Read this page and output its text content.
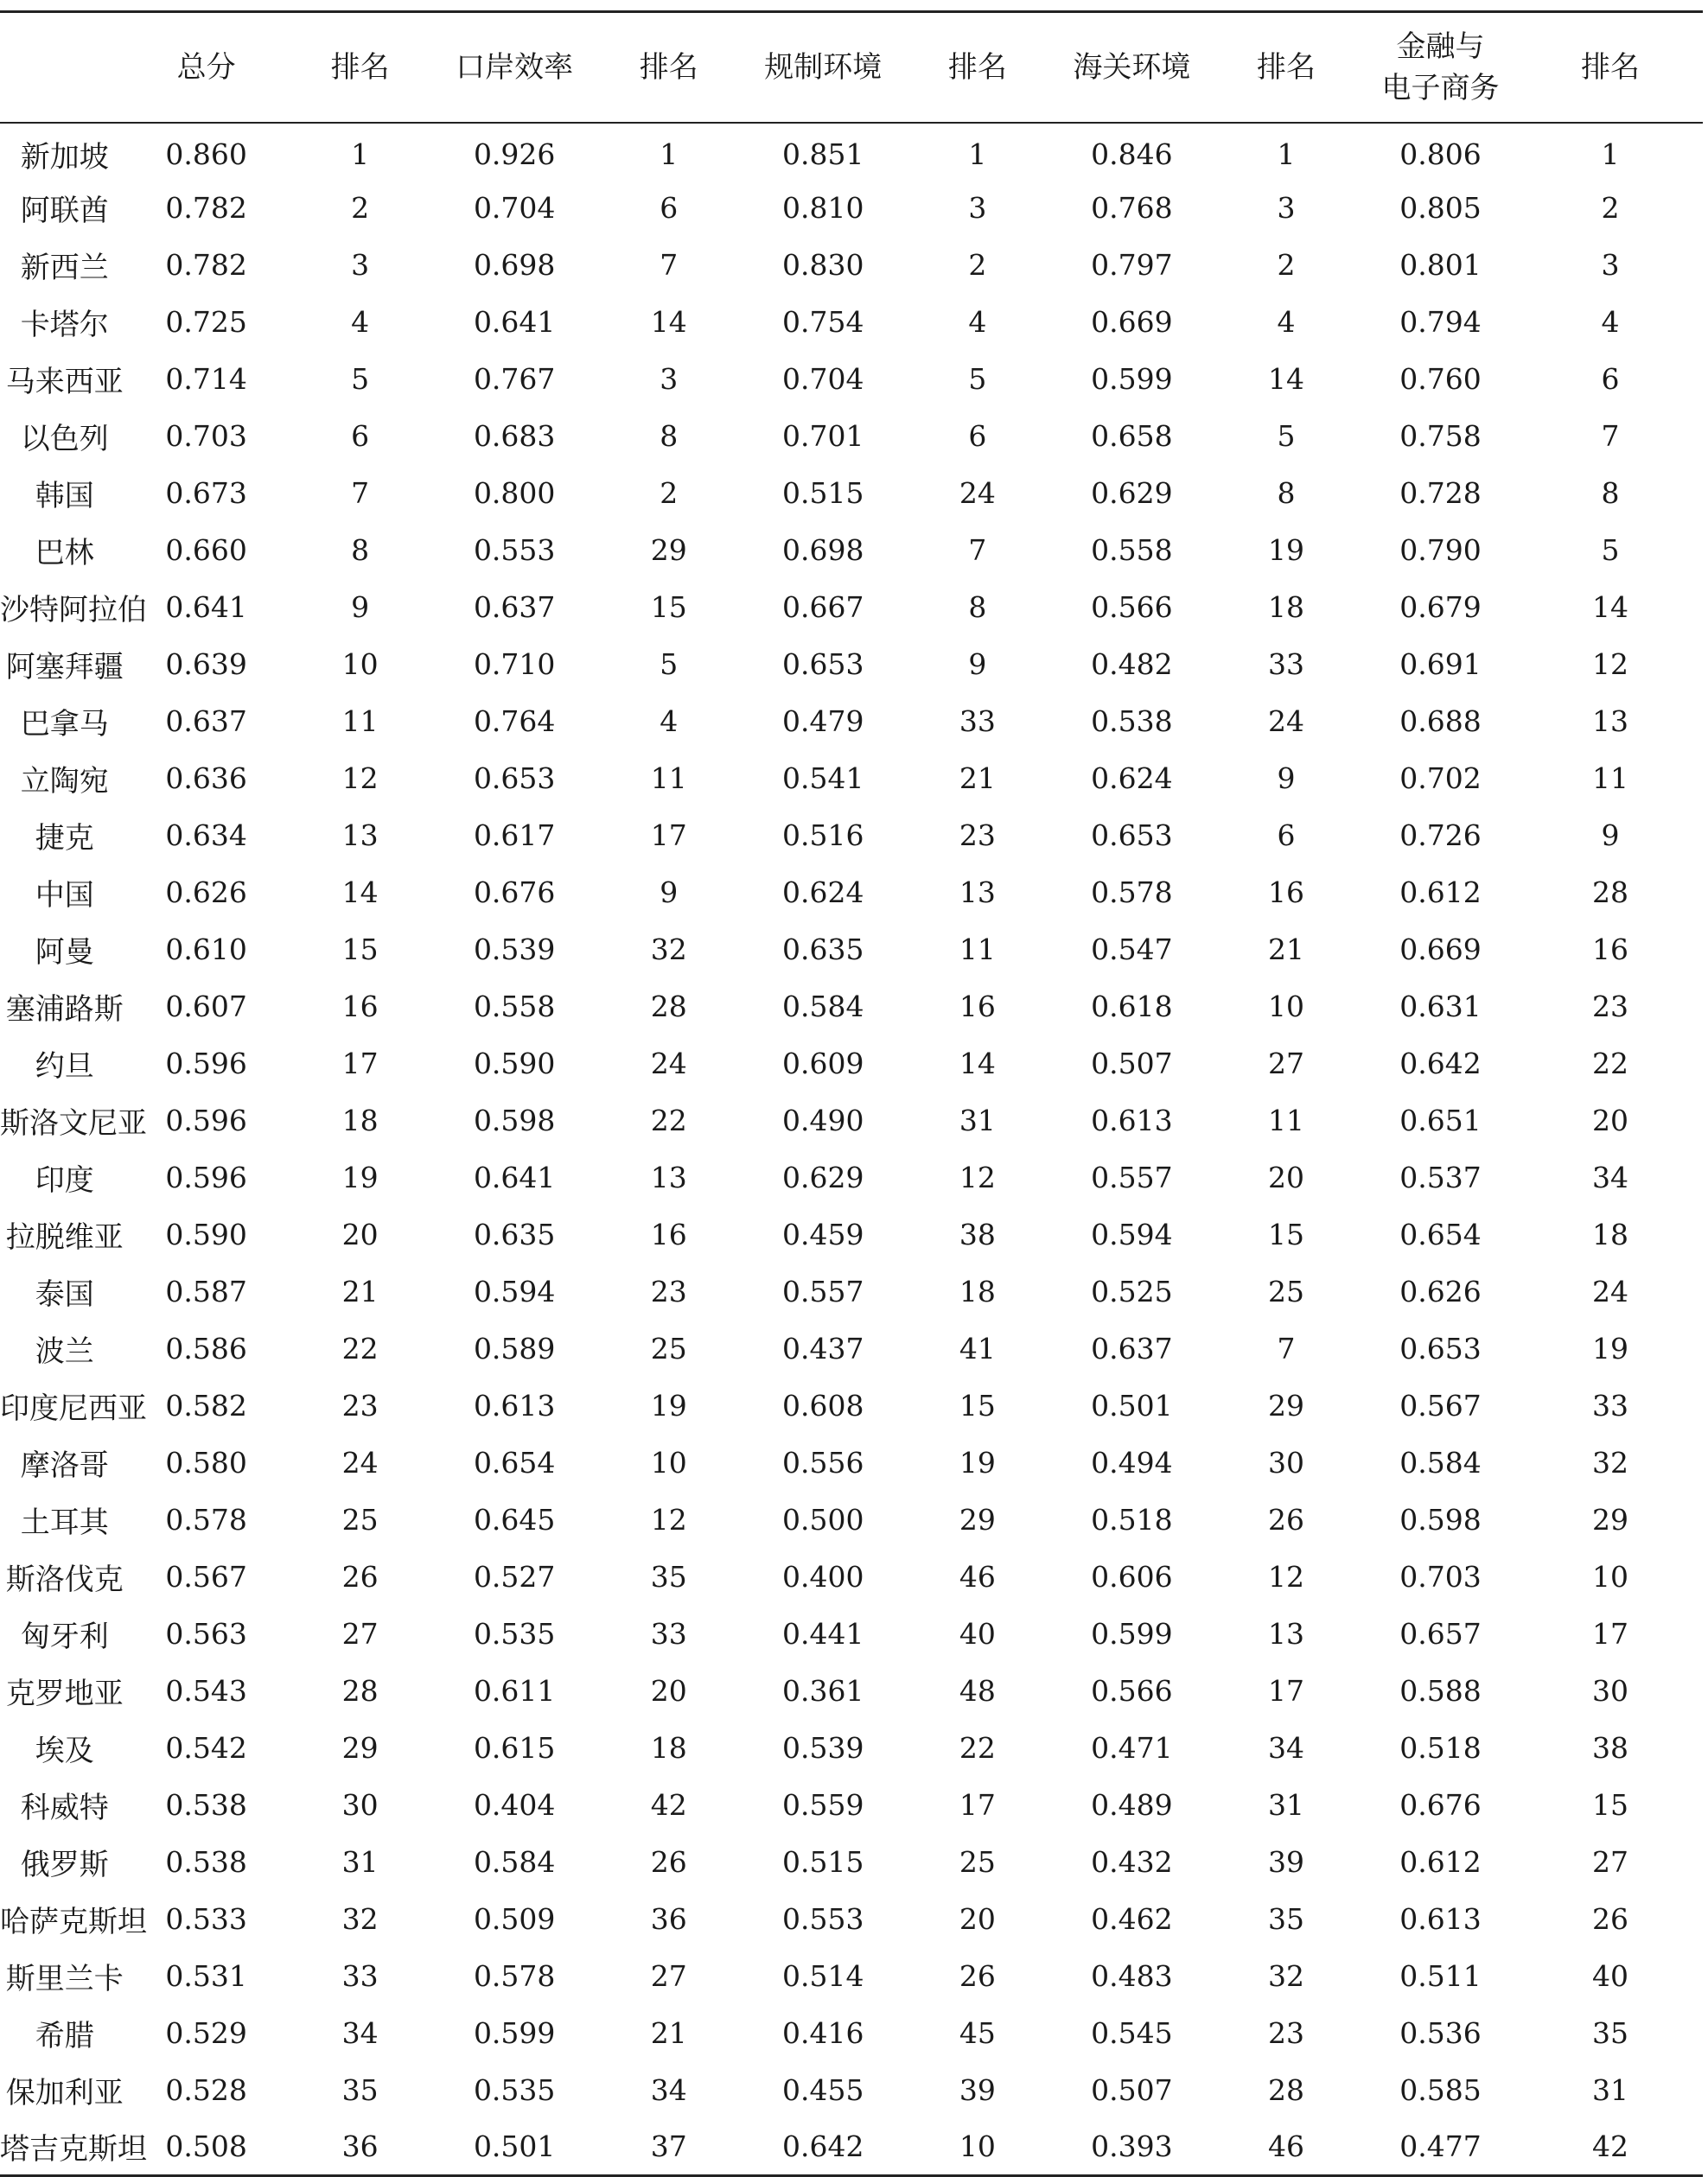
	总分	排名	口岸效率	排名	规制环境	排名	海关环境	排名	金融与
电子商务	排名
新加坡	0.860	1	0.926	1	0.851	1	0.846	1	0.806	1
阿联酋	0.782	2	0.704	6	0.810	3	0.768	3	0.805	2
新西兰	0.782	3	0.698	7	0.830	2	0.797	2	0.801	3
卡塔尔	0.725	4	0.641	14	0.754	4	0.669	4	0.794	4
马来西亚	0.714	5	0.767	3	0.704	5	0.599	14	0.760	6
以色列	0.703	6	0.683	8	0.701	6	0.658	5	0.758	7
韩国	0.673	7	0.800	2	0.515	24	0.629	8	0.728	8
巴林	0.660	8	0.553	29	0.698	7	0.558	19	0.790	5
沙特阿拉伯	0.641	9	0.637	15	0.667	8	0.566	18	0.679	14
阿塞拜疆	0.639	10	0.710	5	0.653	9	0.482	33	0.691	12
巴拿马	0.637	11	0.764	4	0.479	33	0.538	24	0.688	13
立陶宛	0.636	12	0.653	11	0.541	21	0.624	9	0.702	11
捷克	0.634	13	0.617	17	0.516	23	0.653	6	0.726	9
中国	0.626	14	0.676	9	0.624	13	0.578	16	0.612	28
阿曼	0.610	15	0.539	32	0.635	11	0.547	21	0.669	16
塞浦路斯	0.607	16	0.558	28	0.584	16	0.618	10	0.631	23
约旦	0.596	17	0.590	24	0.609	14	0.507	27	0.642	22
斯洛文尼亚	0.596	18	0.598	22	0.490	31	0.613	11	0.651	20
印度	0.596	19	0.641	13	0.629	12	0.557	20	0.537	34
拉脱维亚	0.590	20	0.635	16	0.459	38	0.594	15	0.654	18
泰国	0.587	21	0.594	23	0.557	18	0.525	25	0.626	24
波兰	0.586	22	0.589	25	0.437	41	0.637	7	0.653	19
印度尼西亚	0.582	23	0.613	19	0.608	15	0.501	29	0.567	33
摩洛哥	0.580	24	0.654	10	0.556	19	0.494	30	0.584	32
土耳其	0.578	25	0.645	12	0.500	29	0.518	26	0.598	29
斯洛伐克	0.567	26	0.527	35	0.400	46	0.606	12	0.703	10
匈牙利	0.563	27	0.535	33	0.441	40	0.599	13	0.657	17
克罗地亚	0.543	28	0.611	20	0.361	48	0.566	17	0.588	30
埃及	0.542	29	0.615	18	0.539	22	0.471	34	0.518	38
科威特	0.538	30	0.404	42	0.559	17	0.489	31	0.676	15
俄罗斯	0.538	31	0.584	26	0.515	25	0.432	39	0.612	27
哈萨克斯坦	0.533	32	0.509	36	0.553	20	0.462	35	0.613	26
斯里兰卡	0.531	33	0.578	27	0.514	26	0.483	32	0.511	40
希腊	0.529	34	0.599	21	0.416	45	0.545	23	0.536	35
保加利亚	0.528	35	0.535	34	0.455	39	0.507	28	0.585	31
塔吉克斯坦	0.508	36	0.501	37	0.642	10	0.393	46	0.477	42
